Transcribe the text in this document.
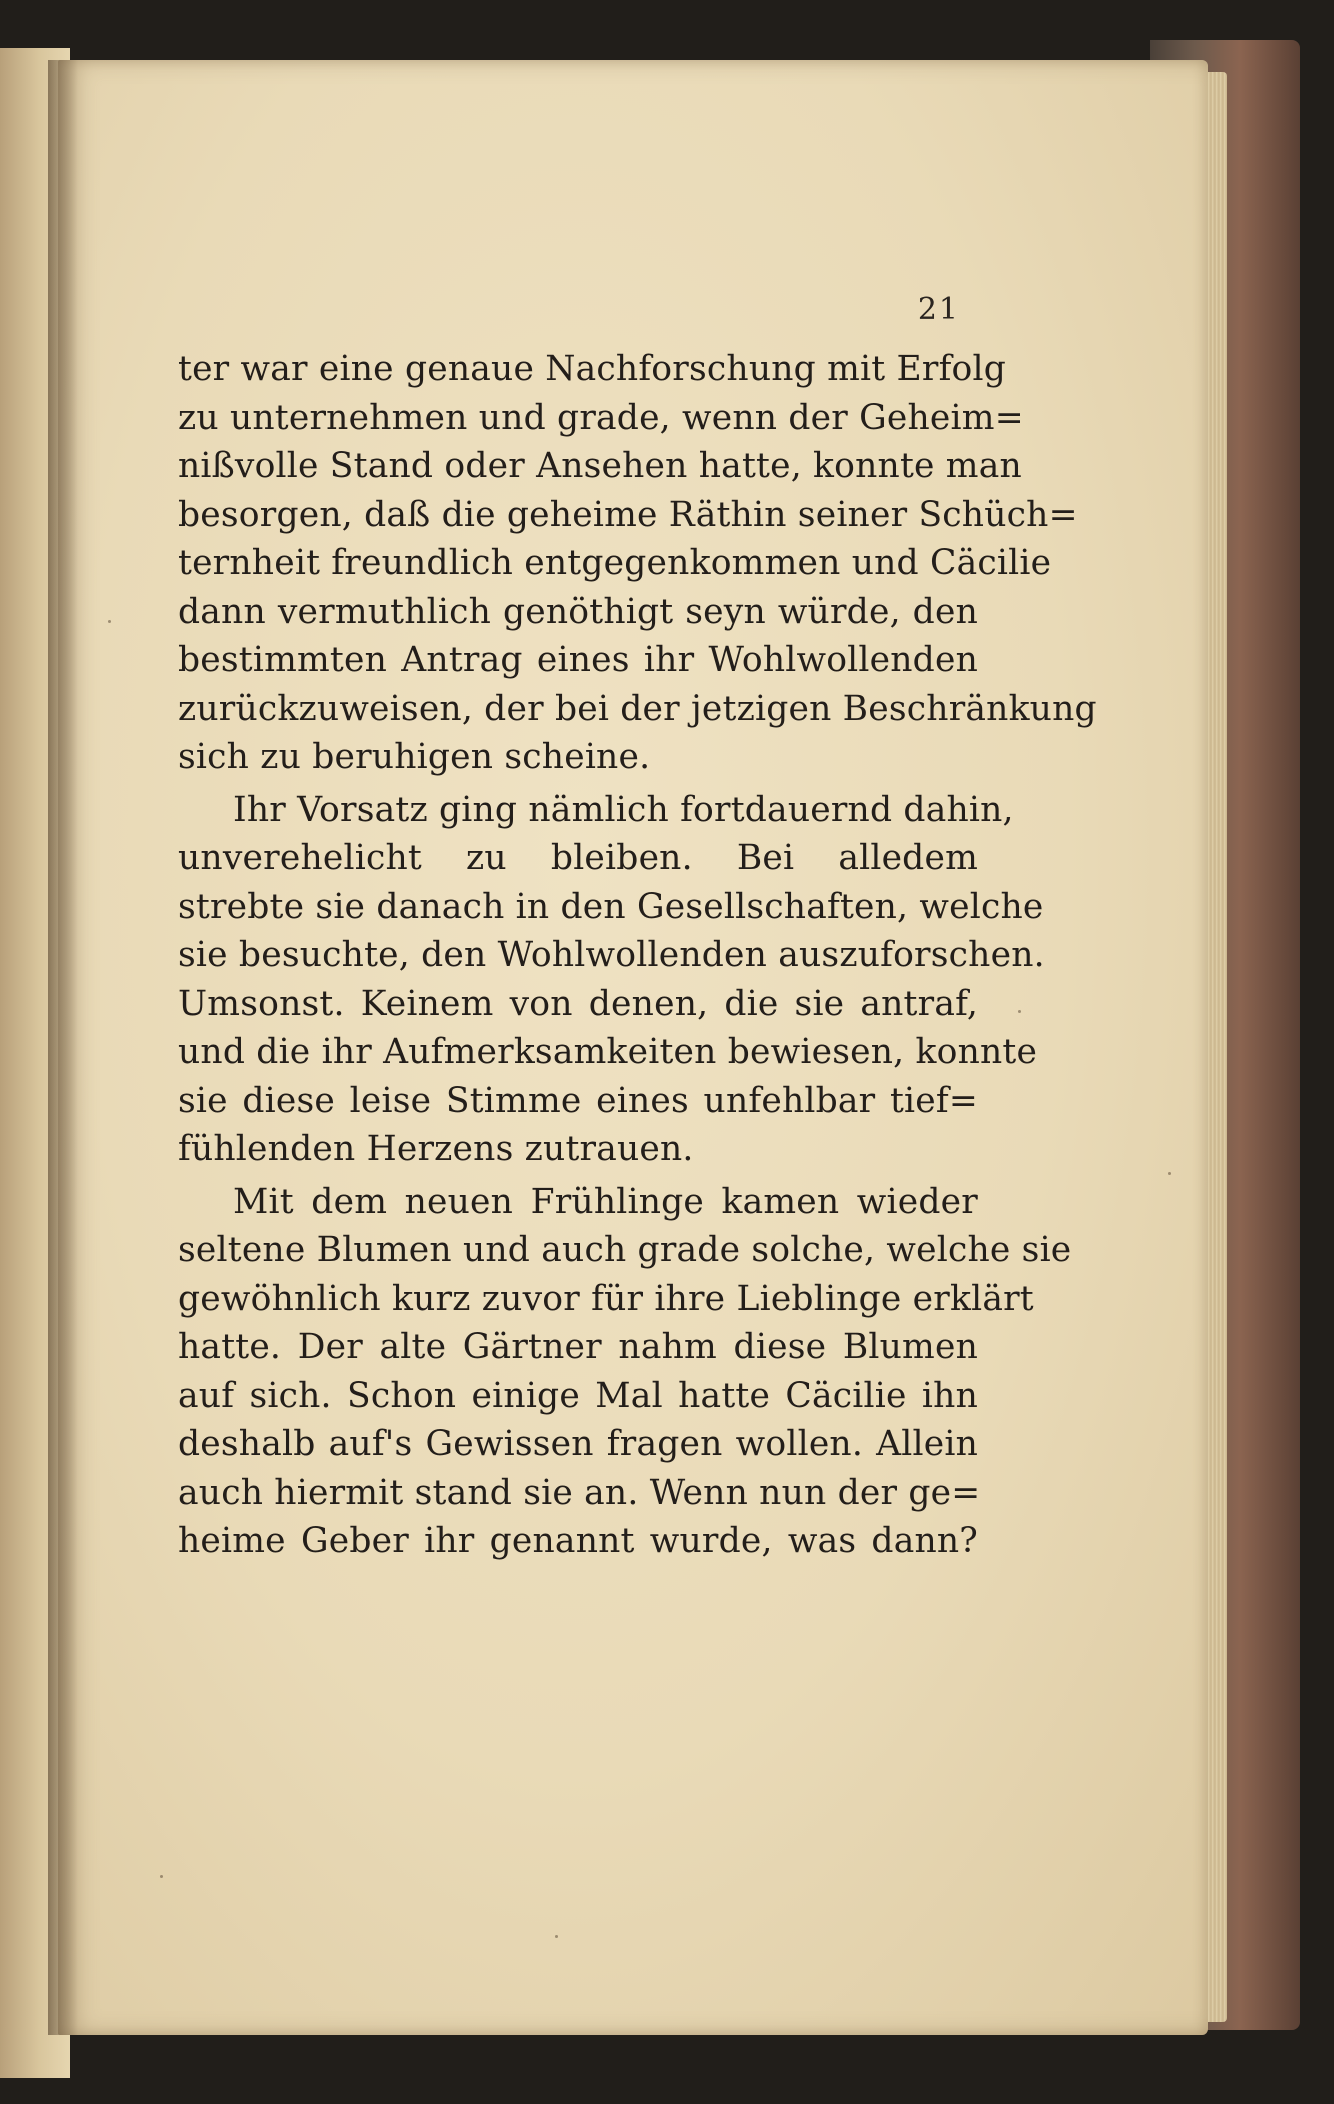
21
ter war eine genaue Nachforschung mit Erfolg
zu unternehmen und grade, wenn der Geheim=
nißvolle Stand oder Ansehen hatte, konnte man
besorgen, daß die geheime Räthin seiner Schüch=
ternheit freundlich entgegenkommen und Cäcilie
dann vermuthlich genöthigt seyn würde, den
bestimmten Antrag eines ihr Wohlwollenden
zurückzuweisen, der bei der jetzigen Beschränkung
sich zu beruhigen scheine.
Ihr Vorsatz ging nämlich fortdauernd dahin,
unverehelicht zu bleiben. Bei alledem
strebte sie danach in den Gesellschaften, welche
sie besuchte, den Wohlwollenden auszuforschen.
Umsonst. Keinem von denen, die sie antraf,
und die ihr Aufmerksamkeiten bewiesen, konnte
sie diese leise Stimme eines unfehlbar tief=
fühlenden Herzens zutrauen.
Mit dem neuen Frühlinge kamen wieder
seltene Blumen und auch grade solche, welche sie
gewöhnlich kurz zuvor für ihre Lieblinge erklärt
hatte. Der alte Gärtner nahm diese Blumen
auf sich. Schon einige Mal hatte Cäcilie ihn
deshalb auf's Gewissen fragen wollen. Allein
auch hiermit stand sie an. Wenn nun der ge=
heime Geber ihr genannt wurde, was dann?
